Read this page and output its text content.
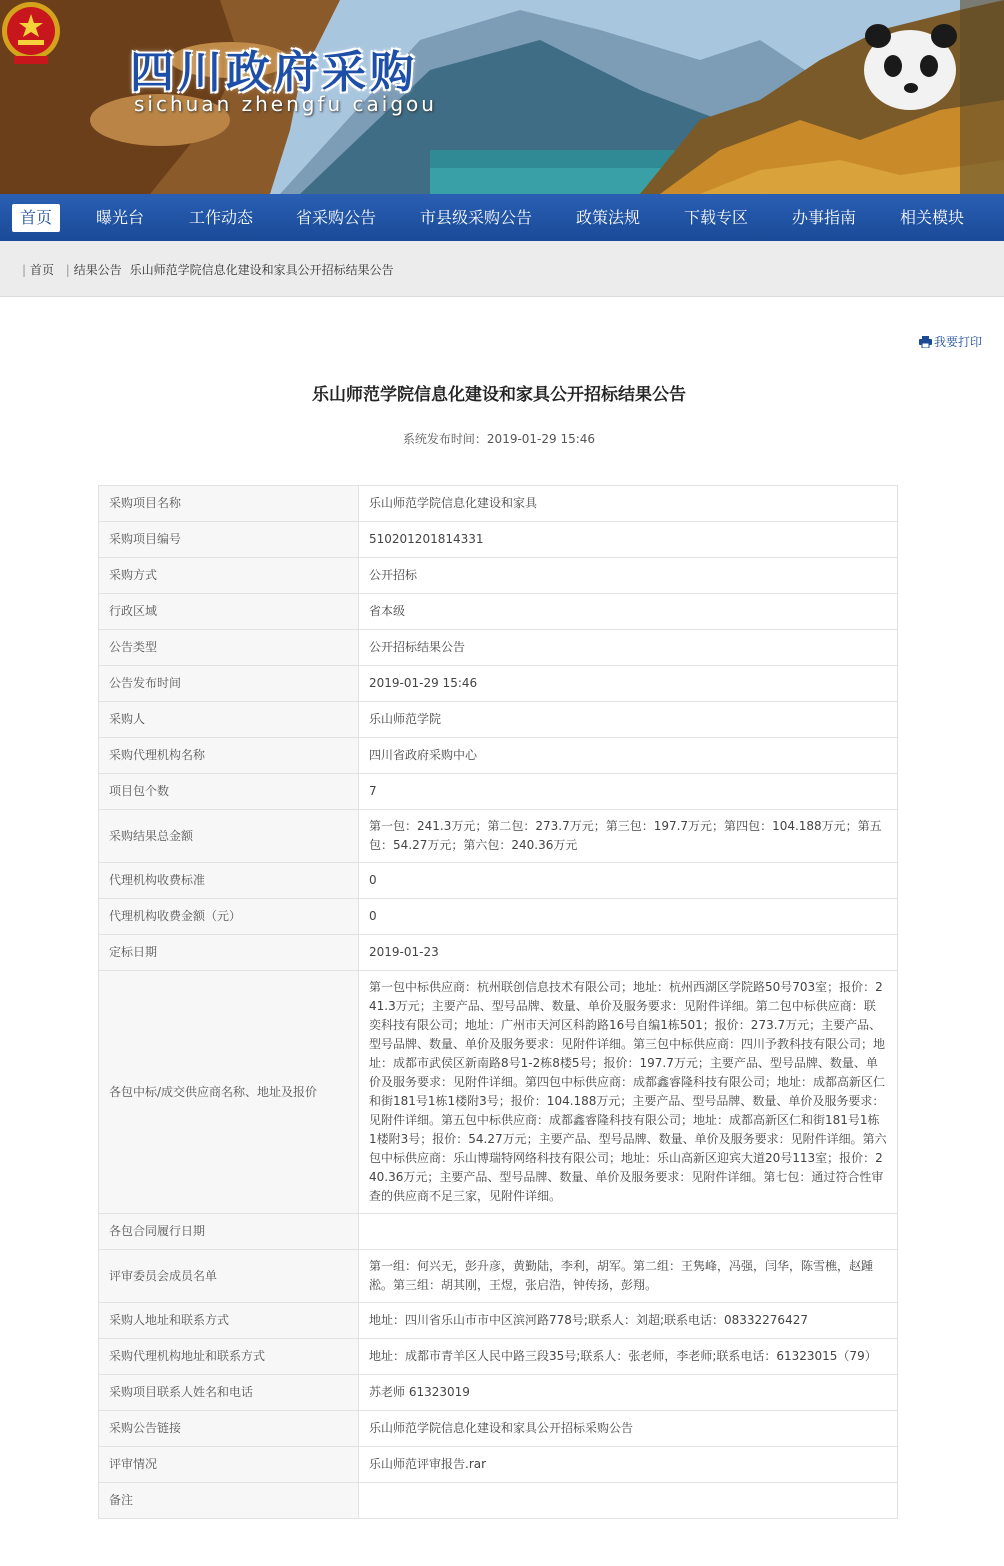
四川政府采购
sichuan zhengfu caigou
首页	曝光台	工作动态	省采购公告	市县级采购公告	政策法规	下载专区	办事指南	相关模块
| 首页  | 结果公告 乐山师范学院信息化建设和家具公开招标结果公告
我要打印
乐山师范学院信息化建设和家具公开招标结果公告
系统发布时间：2019-01-29 15:46
采购项目名称	乐山师范学院信息化建设和家具
采购项目编号	510201201814331
采购方式	公开招标
行政区域	省本级
公告类型	公开招标结果公告
公告发布时间	2019-01-29 15:46
采购人	乐山师范学院
采购代理机构名称	四川省政府采购中心
项目包个数	7
采购结果总金额	第一包：241.3万元；第二包：273.7万元；第三包：197.7万元；第四包：104.188万元；第五包：54.27万元；第六包：240.36万元
代理机构收费标准	0
代理机构收费金额（元）	0
定标日期	2019-01-23
各包中标/成交供应商名称、地址及报价	第一包中标供应商：杭州联创信息技术有限公司；地址：杭州西湖区学院路50号703室；报价：241.3万元；主要产品、型号品牌、数量、单价及服务要求：见附件详细。第二包中标供应商：联奕科技有限公司；地址：广州市天河区科韵路16号自编1栋501；报价：273.7万元；主要产品、型号品牌、数量、单价及服务要求：见附件详细。第三包中标供应商：四川予教科技有限公司；地址：成都市武侯区新南路8号1-2栋8楼5号；报价：197.7万元；主要产品、型号品牌、数量、单价及服务要求：见附件详细。第四包中标供应商：成都鑫睿隆科技有限公司；地址：成都高新区仁和街181号1栋1楼附3号；报价：104.188万元；主要产品、型号品牌、数量、单价及服务要求：见附件详细。第五包中标供应商：成都鑫睿隆科技有限公司；地址：成都高新区仁和街181号1栋1楼附3号；报价：54.27万元；主要产品、型号品牌、数量、单价及服务要求：见附件详细。第六包中标供应商：乐山博瑞特网络科技有限公司；地址：乐山高新区迎宾大道20号113室；报价：240.36万元；主要产品、型号品牌、数量、单价及服务要求：见附件详细。第七包：通过符合性审查的供应商不足三家，见附件详细。
各包合同履行日期	
评审委员会成员名单	第一组：何兴无，彭升彦，黄勤陆，李利，胡军。第二组：王隽峰，冯强，闫华，陈雪樵，赵踵淞。第三组：胡其刚，王煜，张启浩，钟传扬，彭翔。
采购人地址和联系方式	地址：四川省乐山市市中区滨河路778号;联系人：刘超;联系电话：08332276427
采购代理机构地址和联系方式	地址：成都市青羊区人民中路三段35号;联系人：张老师，李老师;联系电话：61323015（79）
采购项目联系人姓名和电话	苏老师 61323019
采购公告链接	乐山师范学院信息化建设和家具公开招标采购公告
评审情况	乐山师范评审报告.rar
备注	
